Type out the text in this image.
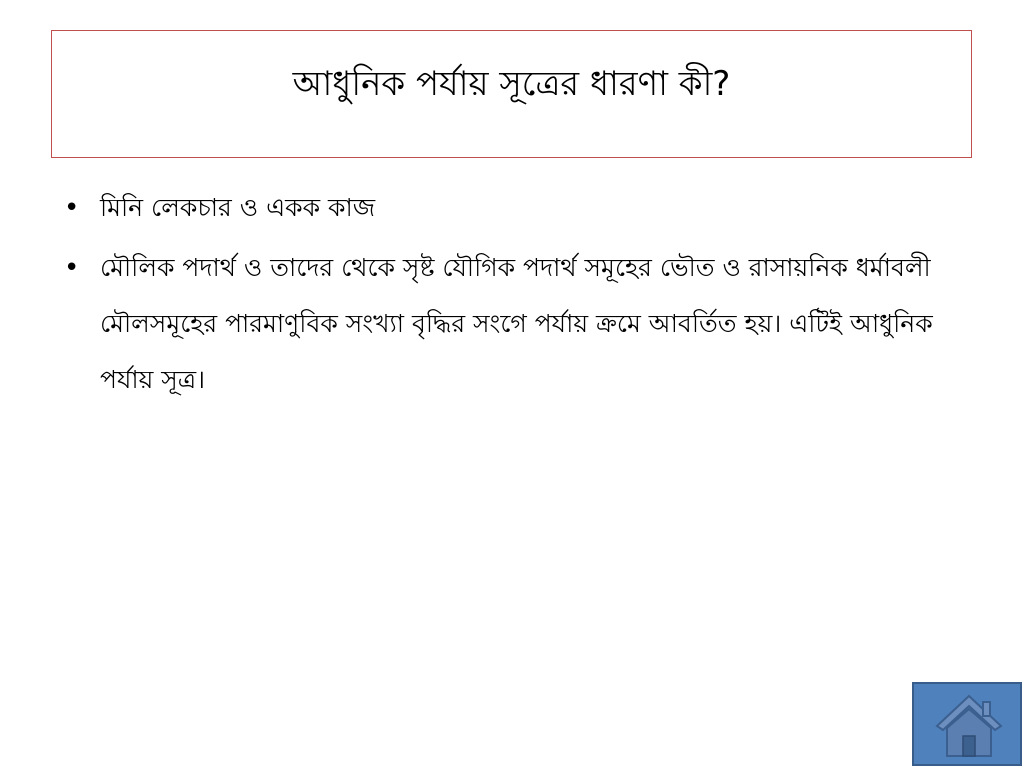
আধুনিক পর্যায় সূত্রের ধারণা কী?
• মিনি লেকচার ও একক কাজ
• মৌলিক পদার্থ ও তাদের থেকে সৃষ্ট যৌগিক পদার্থ সমূহের ভৌত ও রাসায়নিক ধর্মাবলী মৌলসমূহের পারমাণুবিক সংখ্যা বৃদ্ধির সংগে পর্যায় ক্রমে আবর্তিত হয়। এটিই আধুনিক পর্যায় সূত্র।
